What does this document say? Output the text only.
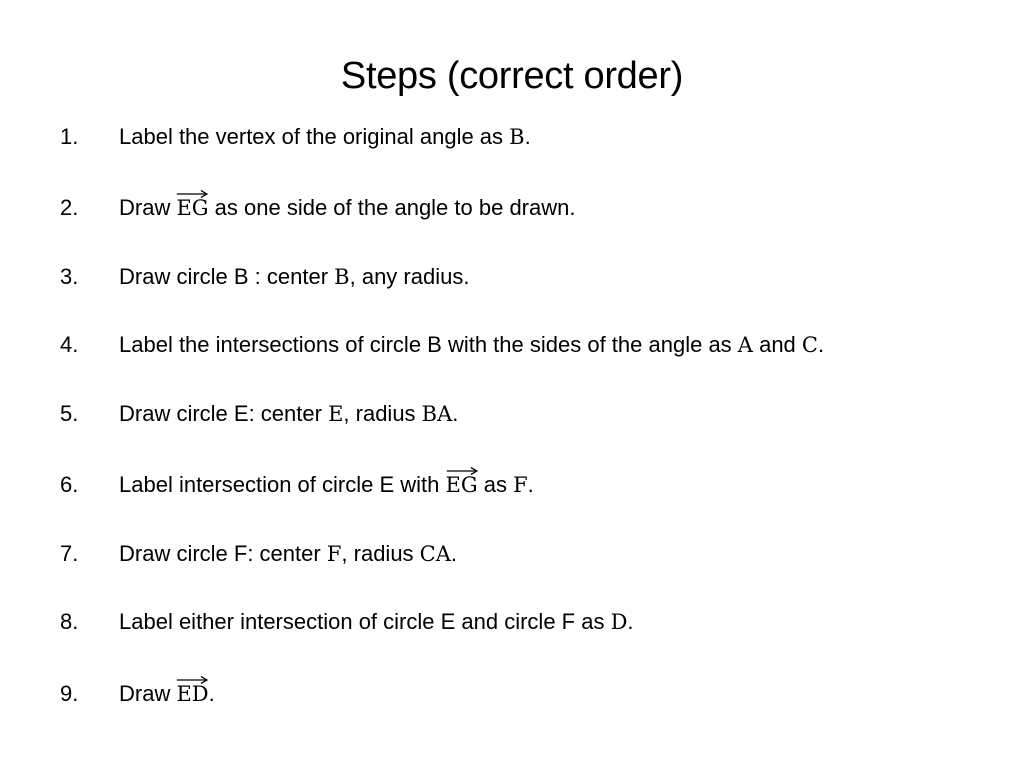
Steps (correct order)
1. Label the vertex of the original angle as B.
2. Draw
EG as one side of the angle to be drawn.
3. Draw circle B : center B, any radius.
4. Label the intersections of circle B with the sides of the angle as A and C.
5. Draw circle E: center E, radius BA.
6. Label intersection of circle E with
EG as F.
7. Draw circle F: center F, radius CA.
8. Label either intersection of circle E and circle F as D.
9. Draw
ED.
